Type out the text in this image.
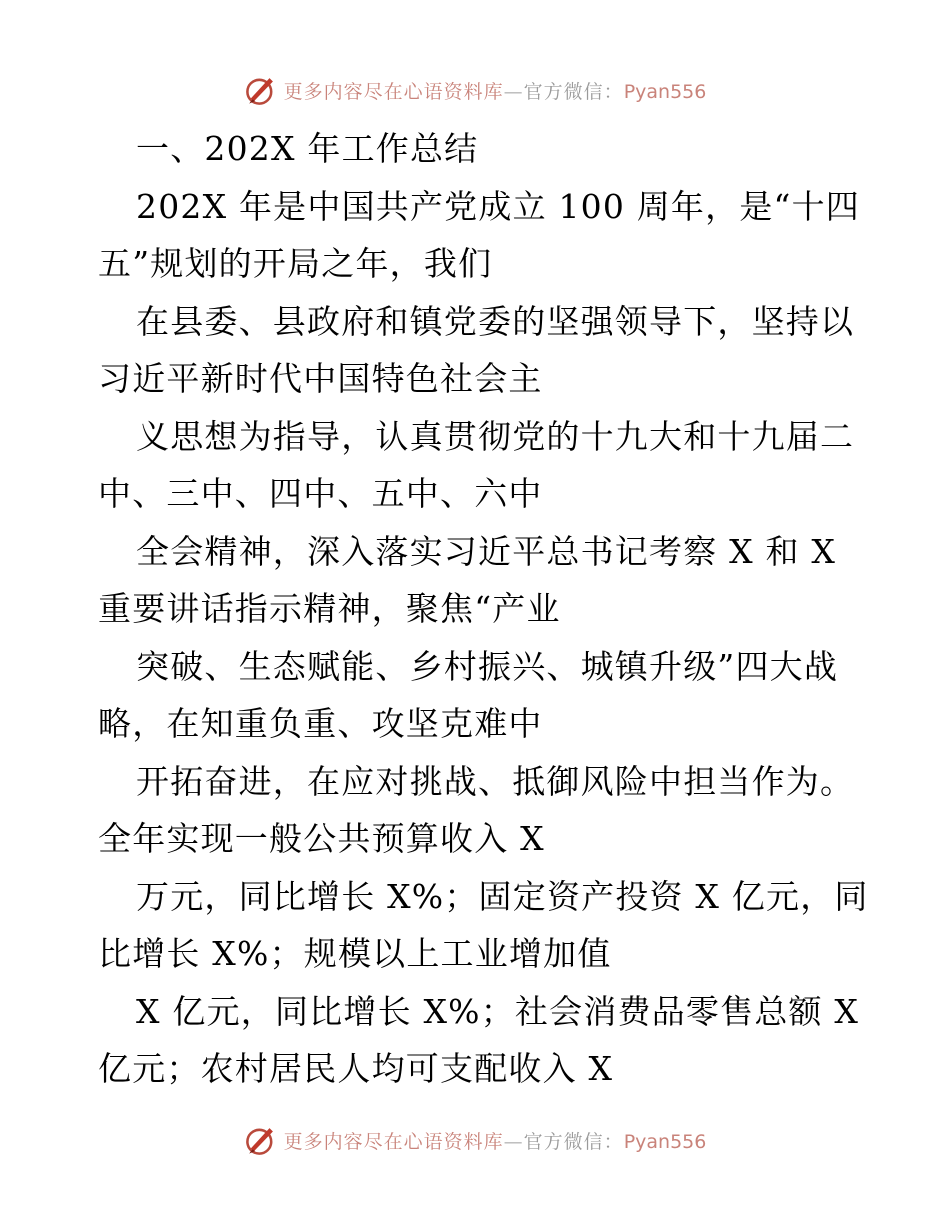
更多内容尽在心语资料库—官方微信：Pyan556
一、202X 年工作总结
202X 年是中国共产党成立 100 周年，是“十四
五”规划的开局之年，我们
在县委、县政府和镇党委的坚强领导下，坚持以
习近平新时代中国特色社会主
义思想为指导，认真贯彻党的十九大和十九届二
中、三中、四中、五中、六中
全会精神，深入落实习近平总书记考察 X 和 X
重要讲话指示精神，聚焦“产业
突破、生态赋能、乡村振兴、城镇升级”四大战
略，在知重负重、攻坚克难中
开拓奋进，在应对挑战、抵御风险中担当作为。
全年实现一般公共预算收入 X
万元，同比增长 X%；固定资产投资 X 亿元，同
比增长 X%；规模以上工业增加值
X 亿元，同比增长 X%；社会消费品零售总额 X
亿元；农村居民人均可支配收入 X
更多内容尽在心语资料库—官方微信：Pyan556
